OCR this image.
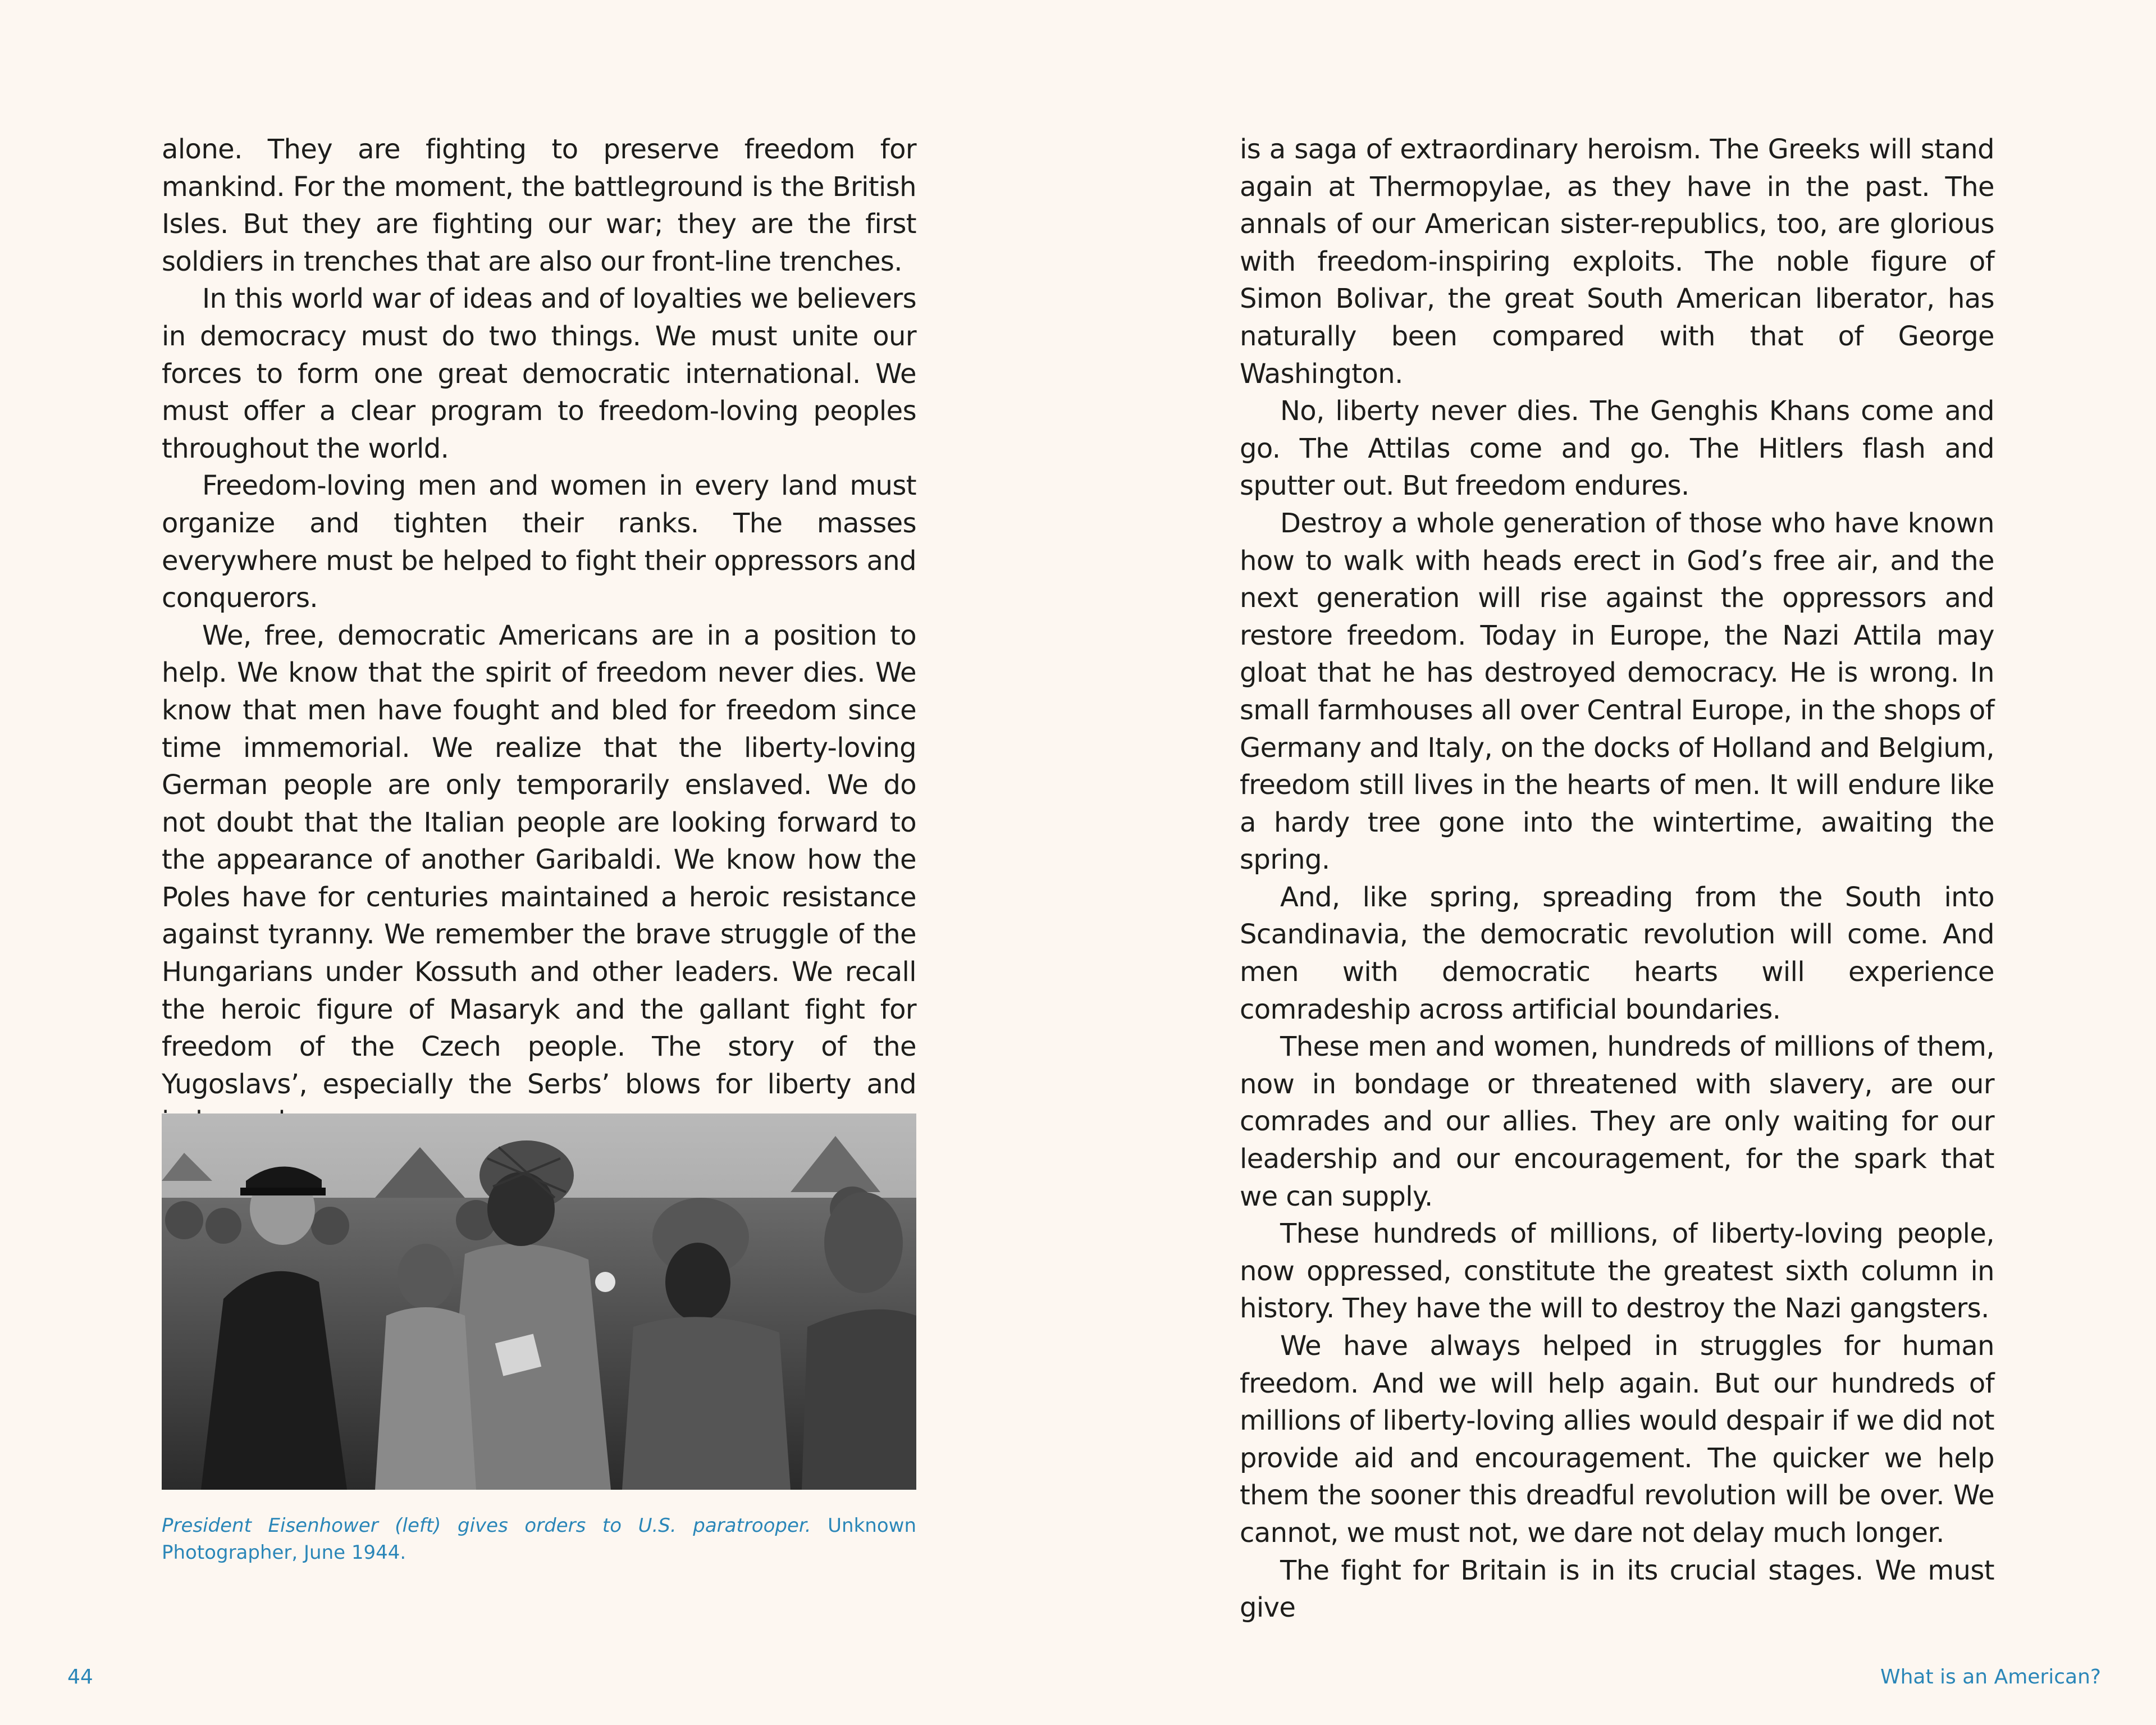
alone. They are fighting to preserve freedom for mankind. For the moment, the battleground is the British Isles. But they are fighting our war; they are the first soldiers in trenches that are also our front-line trenches.

In this world war of ideas and of loyalties we believers in democracy must do two things. We must unite our forces to form one great democratic international. We must offer a clear program to freedom-loving peoples throughout the world.

Freedom-loving men and women in every land must organize and tighten their ranks. The masses everywhere must be helped to fight their oppressors and conquerors.

We, free, democratic Americans are in a position to help. We know that the spirit of freedom never dies. We know that men have fought and bled for freedom since time immemorial. We realize that the liberty-loving German people are only temporarily enslaved. We do not doubt that the Italian people are looking forward to the appearance of another Garibaldi. We know how the Poles have for centuries maintained a heroic resistance against tyranny. We remember the brave struggle of the Hungarians under Kossuth and other leaders. We recall the heroic figure of Masaryk and the gallant fight for freedom of the Czech people. The story of the Yugoslavs’, especially the Serbs’ blows for liberty and

President Eisenhower (left) gives orders to U.S. paratrooper. Unknown Photographer, June 1944.

is a saga of extraordinary heroism. The Greeks will stand again at Thermopylae, as they have in the past. The annals of our American sister-republics, too, are glorious with freedom-inspiring exploits. The noble figure of Simon Bolivar, the great South American liberator, has naturally been compared with that of George Washington.

No, liberty never dies. The Genghis Khans come and go. The Attilas come and go. The Hitlers flash and sputter out. But freedom endures.

Destroy a whole generation of those who have known how to walk with heads erect in God’s free air, and the next generation will rise against the oppressors and restore freedom. Today in Europe, the Nazi Attila may gloat that he has destroyed democracy. He is wrong. In small farmhouses all over Central Europe, in the shops of Germany and Italy, on the docks of Holland and Belgium, freedom still lives in the hearts of men. It will endure like a hardy tree gone into the wintertime, awaiting the spring.

And, like spring, spreading from the South into Scandinavia, the democratic revolution will come. And men with democratic hearts will experience comradeship across artificial boundaries.

These men and women, hundreds of millions of them, now in bondage or threatened with slavery, are our comrades and our allies. They are only waiting for our leadership and our encouragement, for the spark that we can supply.

These hundreds of millions, of liberty-loving people, now oppressed, constitute the greatest sixth column in history. They have the will to destroy the Nazi gangsters.

We have always helped in struggles for human freedom. And we will help again. But our hundreds of millions of liberty-loving allies would despair if we did not provide aid and encouragement. The quicker we help them the sooner this dreadful revolution will be over. We cannot, we must not, we dare not delay much longer.

The fight for Britain is in its crucial stages. We must give

44	What is an American?
